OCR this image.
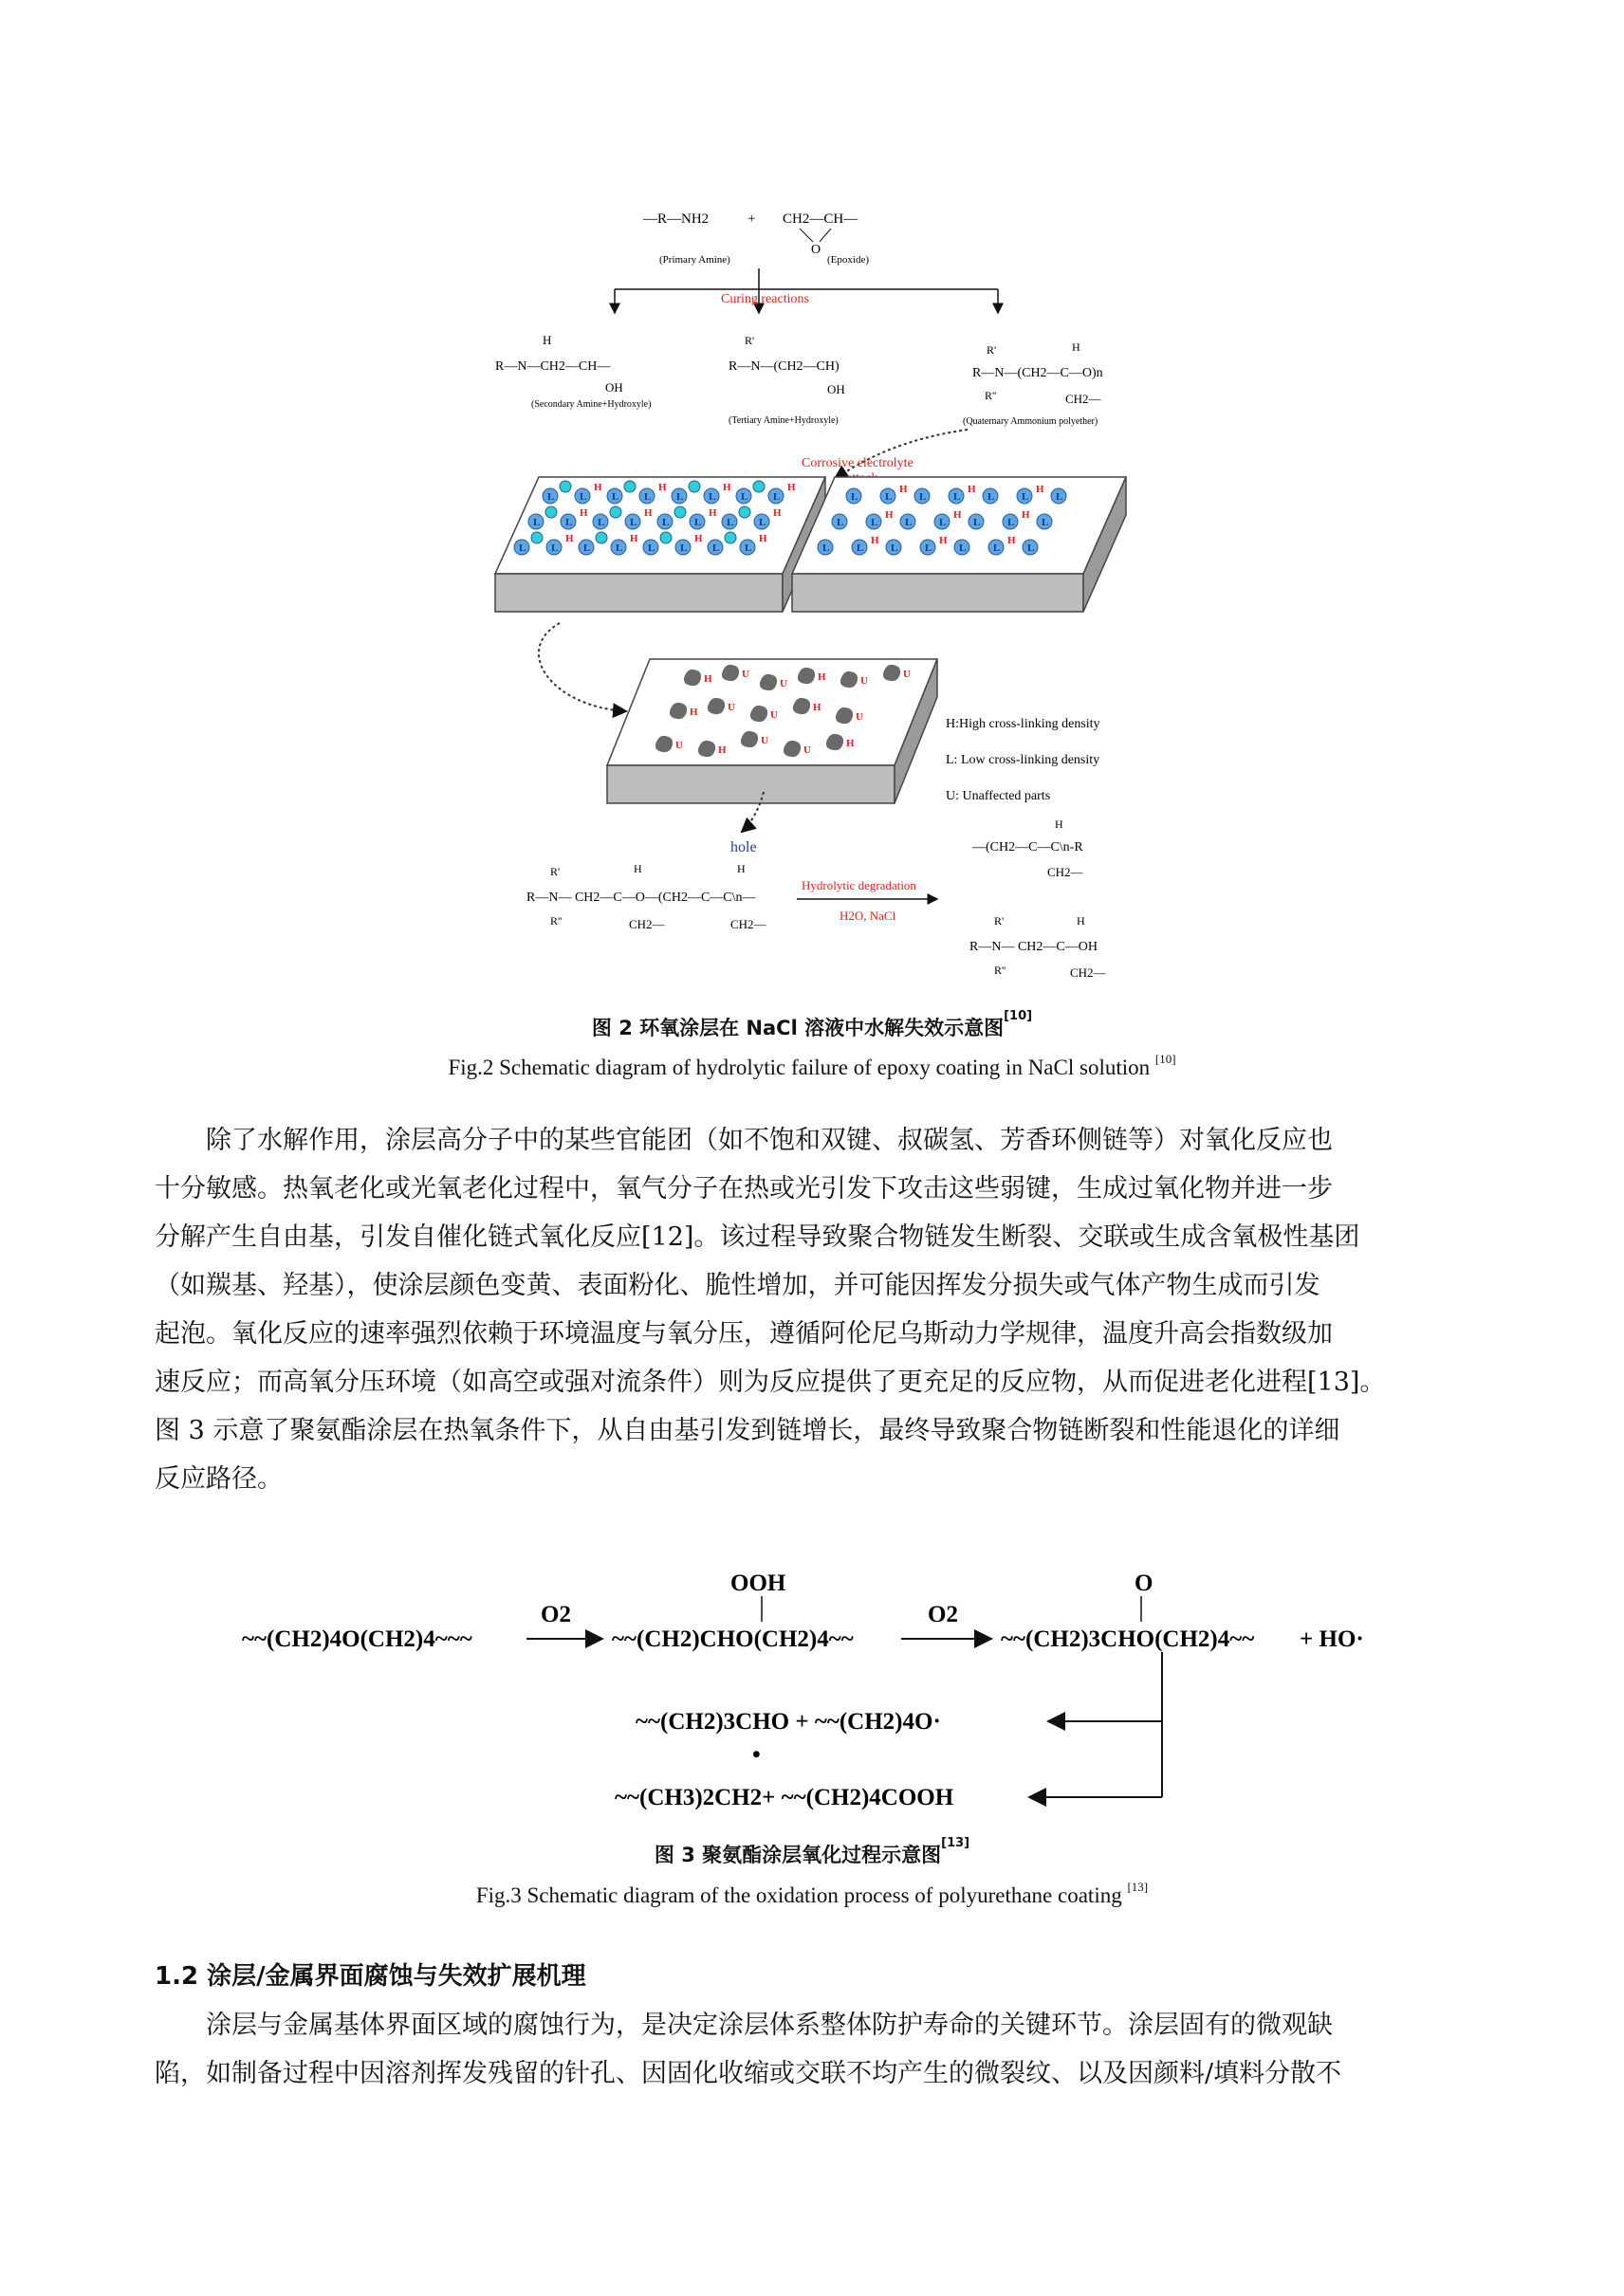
—R—NH2	+ CH2—CH—
O
(Primary Amine)	(Epoxide)
Curing reactions
H
R—N—CH2—CH—
OH
(Secondary Amine+Hydroxyle)
R'
R—N—(CH2—CH)
OH
(Tertiary Amine+Hydroxyle)
R'	H
R—N—(CH2—C—O)n
R''	CH2—
(Quaternary Ammonium polyether)
Corrosive electrolyte
L L
H
L L
H
L L
H
L L
H
L L
H
L L
H
L L
H
L L
H
L L
H
L L
H
L L
H
L L
H
L	L
H
L	L
H
L	L
H
L
L	L
H
L	L
H
L	L
H
L
L	L
H
L	L
H
L	L
H
L
H	U
U
H	U
U
H	U
U
H
U
U	H
U
U
H
hole
H:High cross-linking density
L: Low cross-linking density
U: Unaffected parts
R'	H	H
R—N— CH2—C—O—(CH2—C—C\n—
R''	CH2—	CH2—
Hydrolytic degradation
H2O, NaCl
H
—(CH2—C—C\n-R
CH2—
R'	H
R—N— CH2—C—OH
R''	CH2—
图 2 环氧涂层在 NaCl 溶液中水解失效示意图[10]
Fig.2 Schematic diagram of hydrolytic failure of epoxy coating in NaCl solution [10]
除了水解作用，涂层高分子中的某些官能团（如不饱和双键、叔碳氢、芳香环侧链等）对氧化反应也
十分敏感。热氧老化或光氧老化过程中，氧气分子在热或光引发下攻击这些弱键，生成过氧化物并进一步
分解产生自由基，引发自催化链式氧化反应[12]。该过程导致聚合物链发生断裂、交联或生成含氧极性基团
（如羰基、羟基），使涂层颜色变黄、表面粉化、脆性增加，并可能因挥发分损失或气体产物生成而引发
起泡。氧化反应的速率强烈依赖于环境温度与氧分压，遵循阿伦尼乌斯动力学规律，温度升高会指数级加
速反应；而高氧分压环境（如高空或强对流条件）则为反应提供了更充足的反应物，从而促进老化进程[13]。
图 3 示意了聚氨酯涂层在热氧条件下，从自由基引发到链增长，最终导致聚合物链断裂和性能退化的详细
反应路径。
~~(CH2)4O(CH2)4~~~
O2
OOH
~~(CH2)CHO(CH2)4~~
O2
O
~~(CH2)3CHO(CH2)4~~ + HO·
~~(CH2)3CHO + ~~(CH2)4O·
•
~~(CH3)2CH2+ ~~(CH2)4COOH
图 3 聚氨酯涂层氧化过程示意图[13]
Fig.3 Schematic diagram of the oxidation process of polyurethane coating [13]
1.2 涂层/金属界面腐蚀与失效扩展机理
涂层与金属基体界面区域的腐蚀行为，是决定涂层体系整体防护寿命的关键环节。涂层固有的微观缺
陷，如制备过程中因溶剂挥发残留的针孔、因固化收缩或交联不均产生的微裂纹、以及因颜料/填料分散不
